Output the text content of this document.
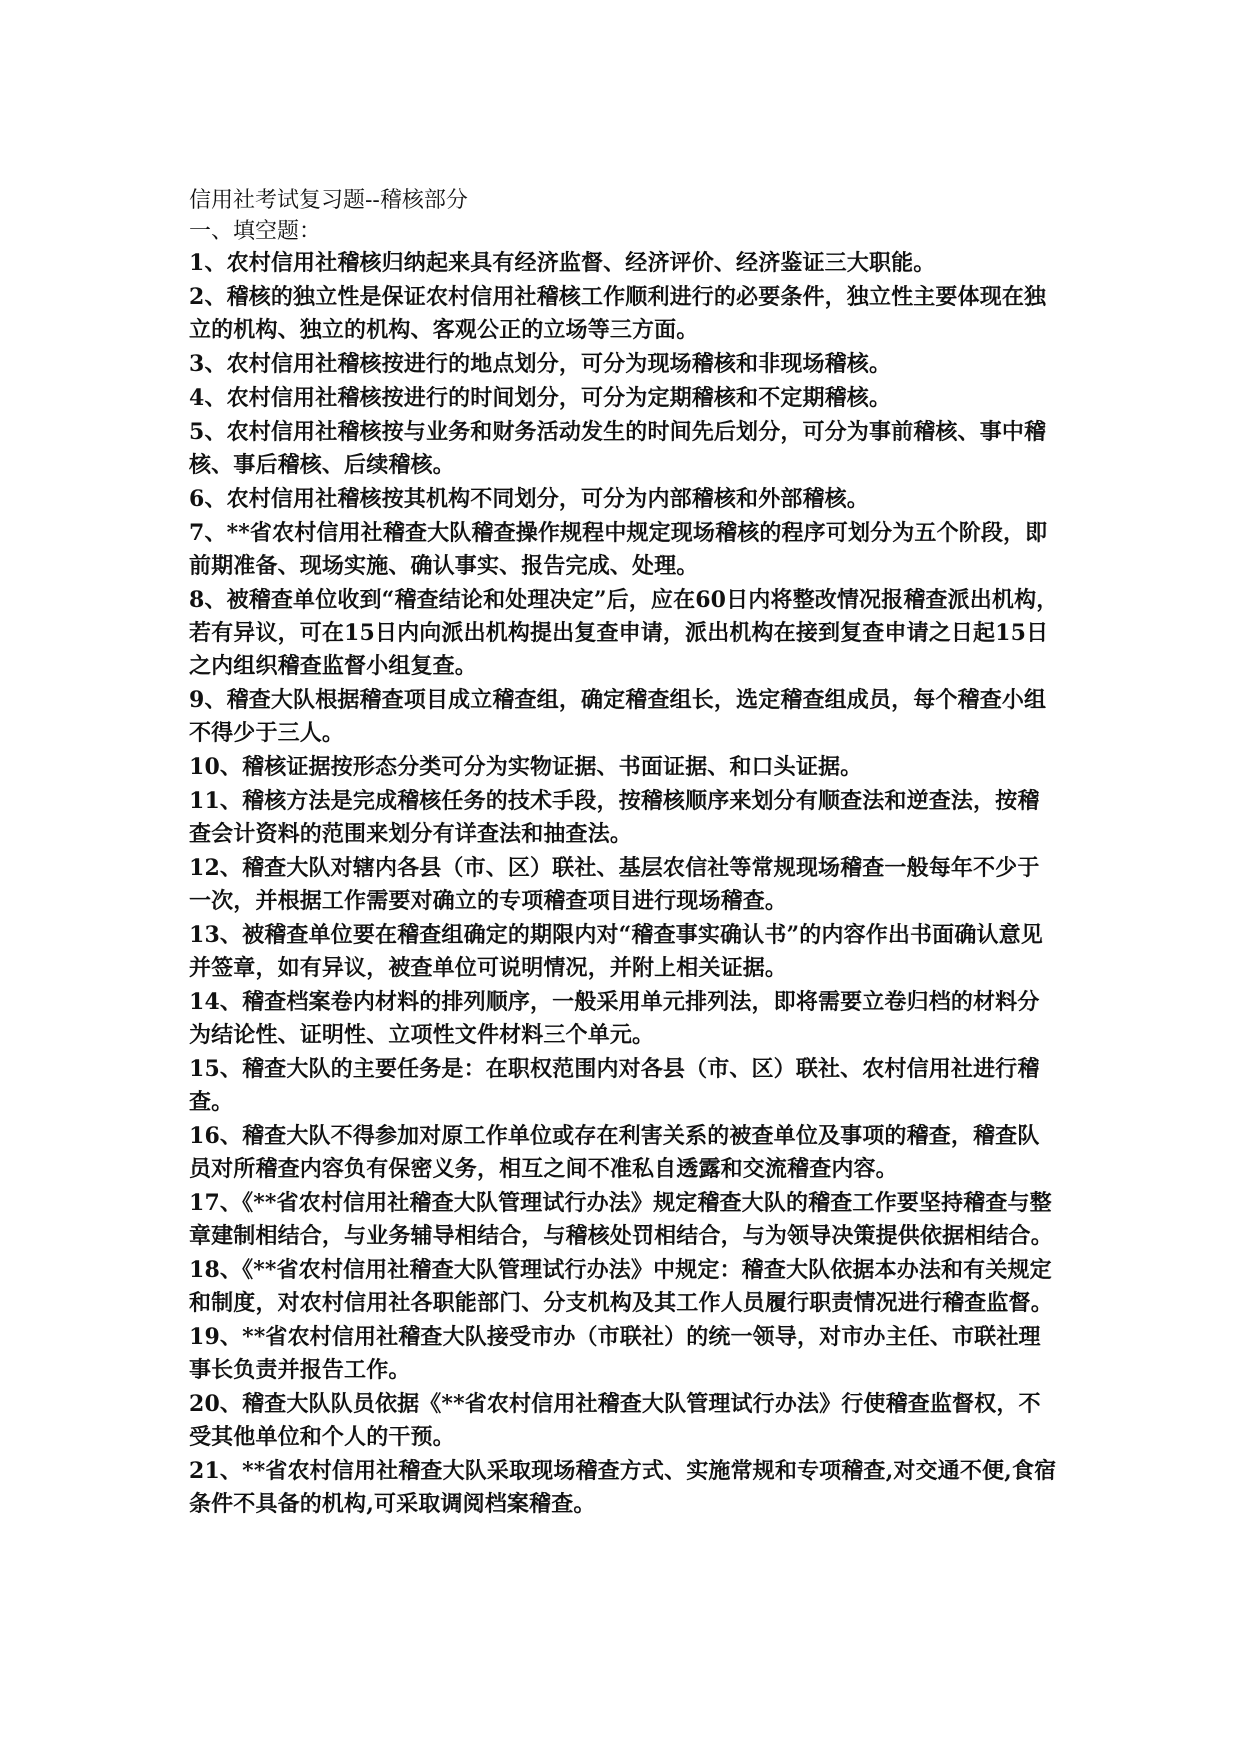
信用社考试复习题--稽核部分
一、填空题：
1、农村信用社稽核归纳起来具有经济监督、经济评价、经济鉴证三大职能。
2、稽核的独立性是保证农村信用社稽核工作顺利进行的必要条件，独立性主要体现在独立的机构、独立的机构、客观公正的立场等三方面。
3、农村信用社稽核按进行的地点划分，可分为现场稽核和非现场稽核。
4、农村信用社稽核按进行的时间划分，可分为定期稽核和不定期稽核。
5、农村信用社稽核按与业务和财务活动发生的时间先后划分，可分为事前稽核、事中稽核、事后稽核、后续稽核。
6、农村信用社稽核按其机构不同划分，可分为内部稽核和外部稽核。
7、**省农村信用社稽查大队稽查操作规程中规定现场稽核的程序可划分为五个阶段，即前期准备、现场实施、确认事实、报告完成、处理。
8、被稽查单位收到“稽查结论和处理决定”后，应在60日内将整改情况报稽查派出机构，若有异议，可在15日内向派出机构提出复查申请，派出机构在接到复查申请之日起15日之内组织稽查监督小组复查。
9、稽查大队根据稽查项目成立稽查组，确定稽查组长，选定稽查组成员，每个稽查小组不得少于三人。
10、稽核证据按形态分类可分为实物证据、书面证据、和口头证据。
11、稽核方法是完成稽核任务的技术手段，按稽核顺序来划分有顺查法和逆查法，按稽查会计资料的范围来划分有详查法和抽查法。
12、稽查大队对辖内各县（市、区）联社、基层农信社等常规现场稽查一般每年不少于一次，并根据工作需要对确立的专项稽查项目进行现场稽查。
13、被稽查单位要在稽查组确定的期限内对“稽查事实确认书”的内容作出书面确认意见并签章，如有异议，被查单位可说明情况，并附上相关证据。
14、稽查档案卷内材料的排列顺序，一般采用单元排列法，即将需要立卷归档的材料分为结论性、证明性、立项性文件材料三个单元。
15、稽查大队的主要任务是：在职权范围内对各县（市、区）联社、农村信用社进行稽查。
16、稽查大队不得参加对原工作单位或存在利害关系的被查单位及事项的稽查，稽查队员对所稽查内容负有保密义务，相互之间不准私自透露和交流稽查内容。
17、《**省农村信用社稽查大队管理试行办法》规定稽查大队的稽查工作要坚持稽查与整章建制相结合，与业务辅导相结合，与稽核处罚相结合，与为领导决策提供依据相结合。
18、《**省农村信用社稽查大队管理试行办法》中规定：稽查大队依据本办法和有关规定和制度，对农村信用社各职能部门、分支机构及其工作人员履行职责情况进行稽查监督。
19、**省农村信用社稽查大队接受市办（市联社）的统一领导，对市办主任、市联社理事长负责并报告工作。
20、稽查大队队员依据《**省农村信用社稽查大队管理试行办法》行使稽查监督权，不受其他单位和个人的干预。
21、**省农村信用社稽查大队采取现场稽查方式、实施常规和专项稽查,对交通不便,食宿条件不具备的机构,可采取调阅档案稽查。
